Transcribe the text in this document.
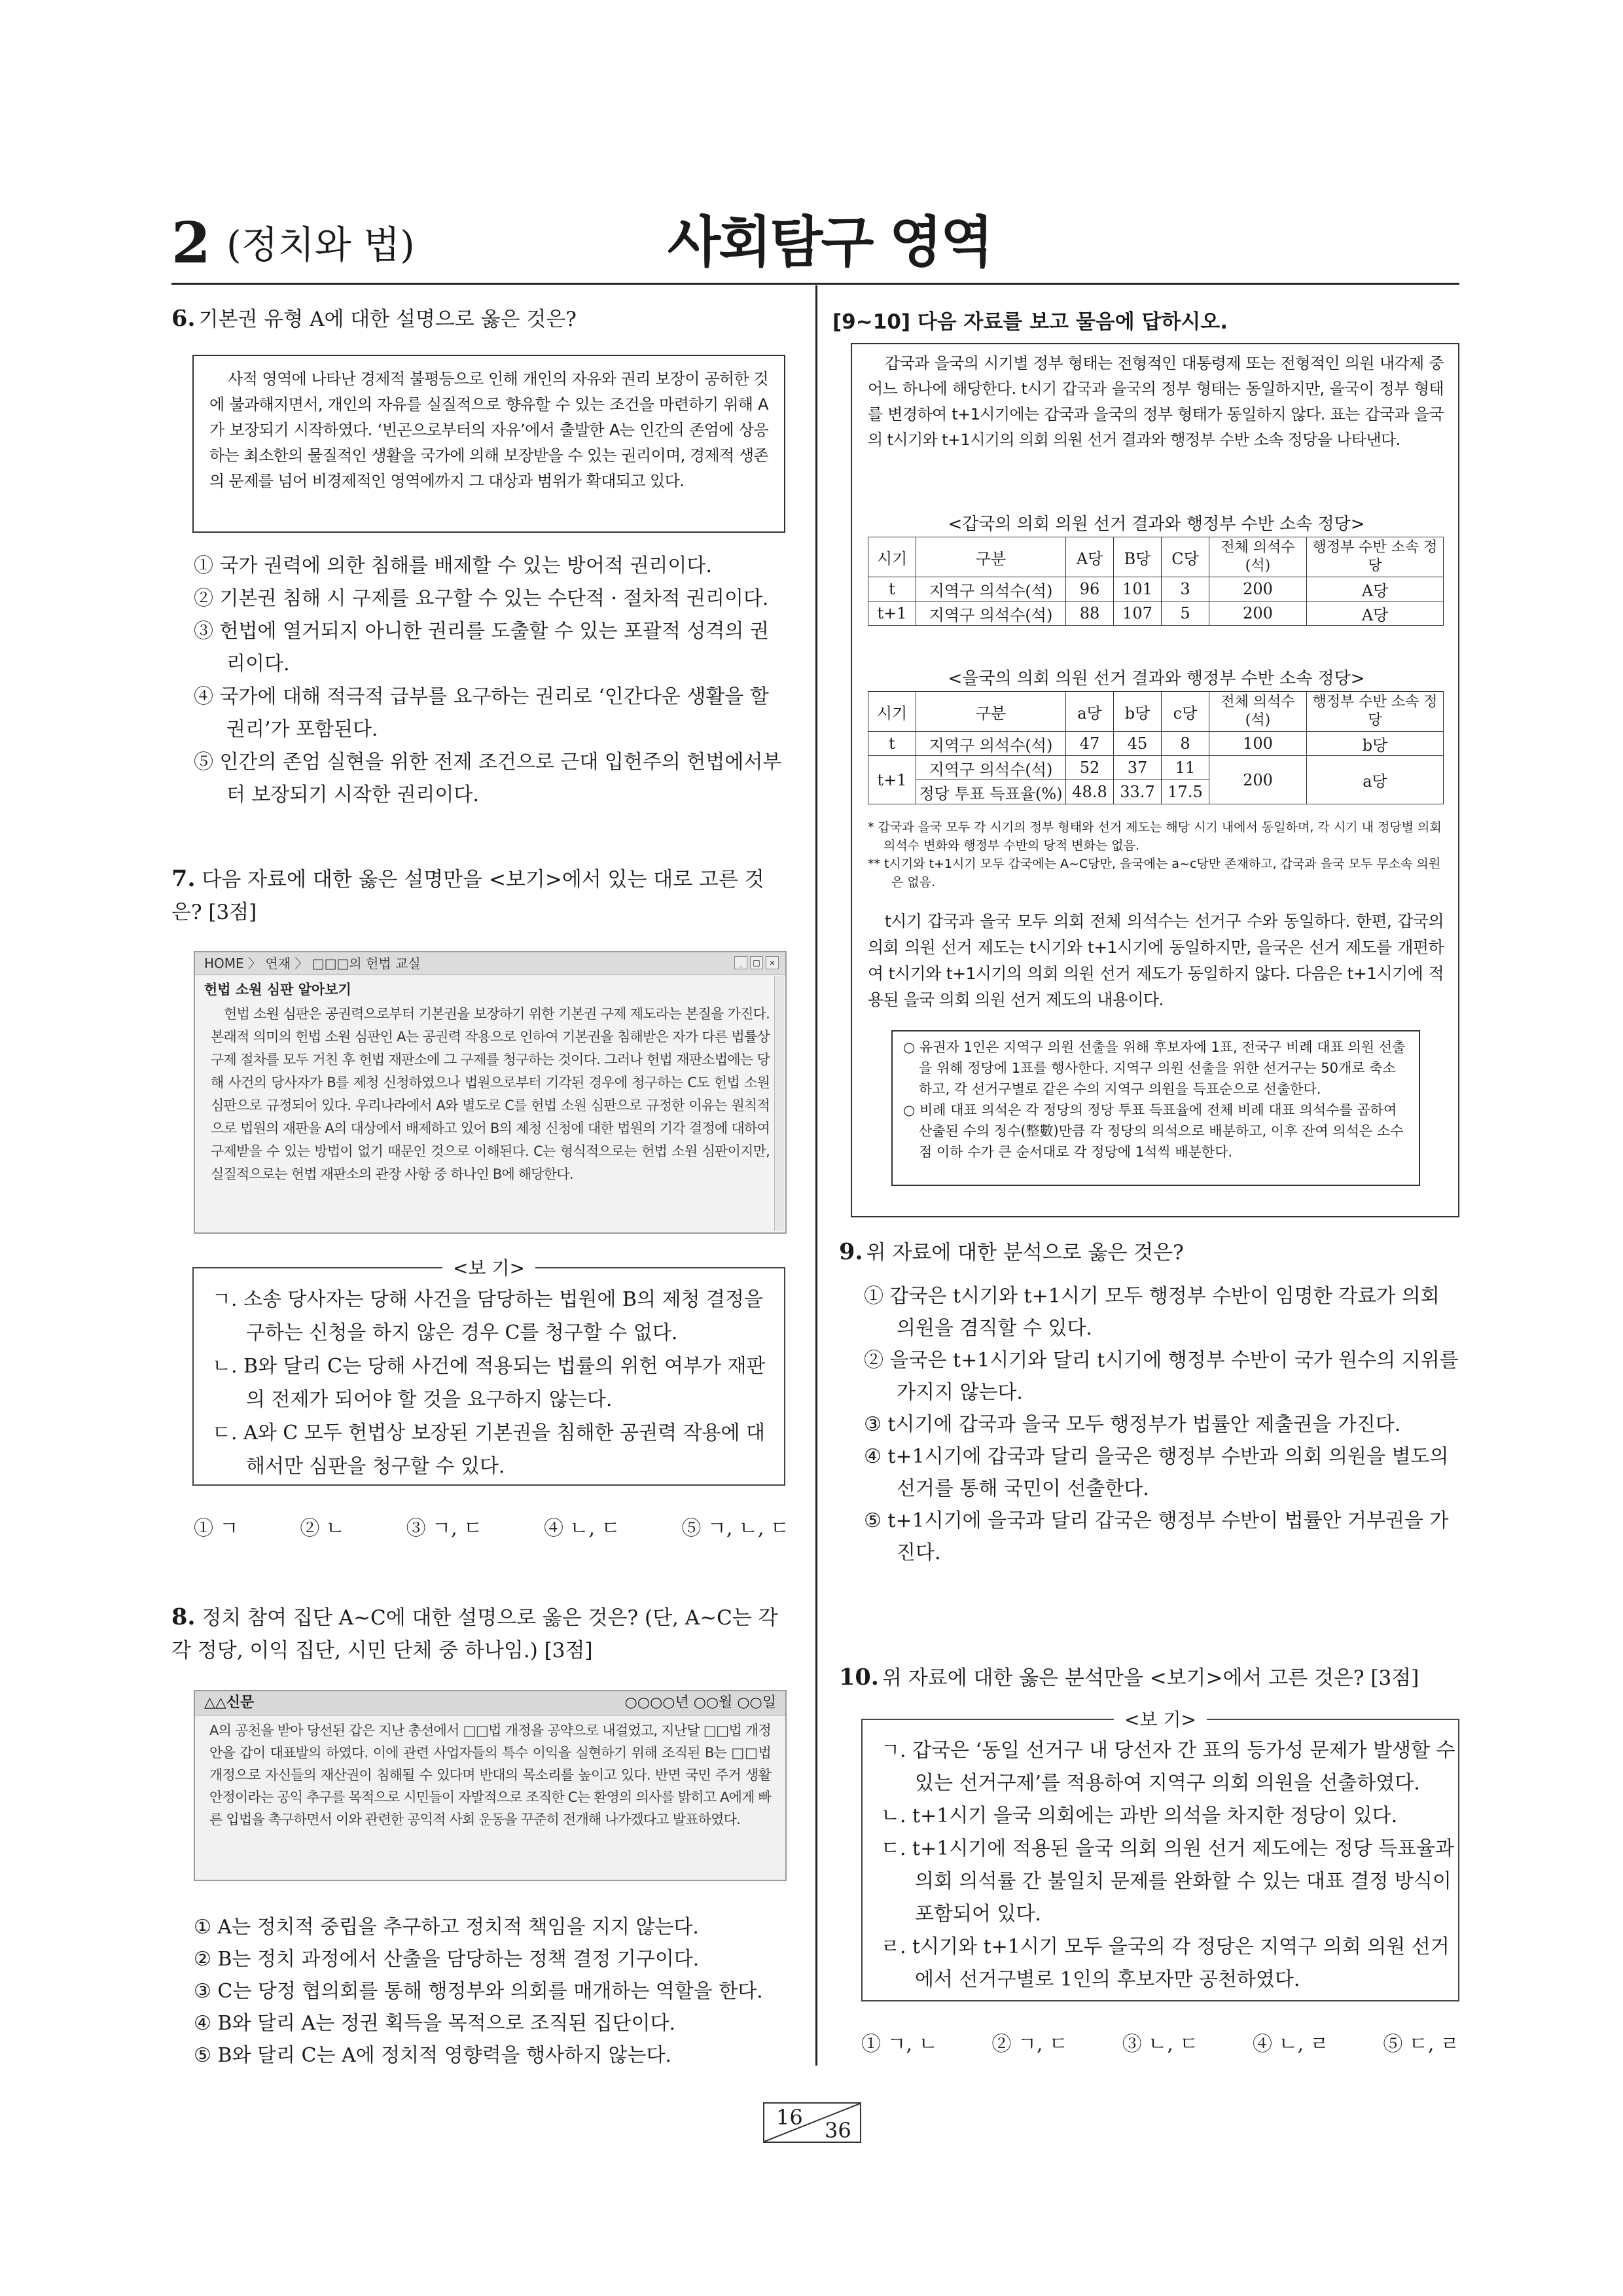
2 (정치와 법)	사회탐구 영역
6. 기본권 유형 A에 대한 설명으로 옳은 것은?
사적 영역에 나타난 경제적 불평등으로 인해 개인의 자유와 권리 보장이 공허한 것에 불과해지면서, 개인의 자유를 실질적으로 향유할 수 있는 조건을 마련하기 위해 A가 보장되기 시작하였다. ‘빈곤으로부터의 자유’에서 출발한 A는 인간의 존엄에 상응하는 최소한의 물질적인 생활을 국가에 의해 보장받을 수 있는 권리이며, 경제적 생존의 문제를 넘어 비경제적인 영역에까지 그 대상과 범위가 확대되고 있다.
① 국가 권력에 의한 침해를 배제할 수 있는 방어적 권리이다.
② 기본권 침해 시 구제를 요구할 수 있는 수단적 · 절차적 권리이다.
③ 헌법에 열거되지 아니한 권리를 도출할 수 있는 포괄적 성격의 권리이다.
④ 국가에 대해 적극적 급부를 요구하는 권리로 ‘인간다운 생활을 할 권리’가 포함된다.
⑤ 인간의 존엄 실현을 위한 전제 조건으로 근대 입헌주의 헌법에서부터 보장되기 시작한 권리이다.
7. 다음 자료에 대한 옳은 설명만을 <보기>에서 있는 대로 고른 것은? [3점]
HOME 〉 연재 〉 □□□의 헌법 교실	_	□	×
헌법 소원 심판 알아보기
헌법 소원 심판은 공권력으로부터 기본권을 보장하기 위한 기본권 구제 제도라는 본질을 가진다. 본래적 의미의 헌법 소원 심판인 A는 공권력 작용으로 인하여 기본권을 침해받은 자가 다른 법률상 구제 절차를 모두 거친 후 헌법 재판소에 그 구제를 청구하는 것이다. 그러나 헌법 재판소법에는 당해 사건의 당사자가 B를 제청 신청하였으나 법원으로부터 기각된 경우에 청구하는 C도 헌법 소원 심판으로 규정되어 있다. 우리나라에서 A와 별도로 C를 헌법 소원 심판으로 규정한 이유는 원칙적으로 법원의 재판을 A의 대상에서 배제하고 있어 B의 제청 신청에 대한 법원의 기각 결정에 대하여 구제받을 수 있는 방법이 없기 때문인 것으로 이해된다. C는 형식적으로는 헌법 소원 심판이지만, 실질적으로는 헌법 재판소의 관장 사항 중 하나인 B에 해당한다.
<보 기>
ㄱ. 소송 당사자는 당해 사건을 담당하는 법원에 B의 제청 결정을 구하는 신청을 하지 않은 경우 C를 청구할 수 없다.
ㄴ. B와 달리 C는 당해 사건에 적용되는 법률의 위헌 여부가 재판의 전제가 되어야 할 것을 요구하지 않는다.
ㄷ. A와 C 모두 헌법상 보장된 기본권을 침해한 공권력 작용에 대해서만 심판을 청구할 수 있다.
① ㄱ	② ㄴ	③ ㄱ, ㄷ	④ ㄴ, ㄷ	⑤ ㄱ, ㄴ, ㄷ
8. 정치 참여 집단 A~C에 대한 설명으로 옳은 것은? (단, A~C는 각각 정당, 이익 집단, 시민 단체 중 하나임.) [3점]
△△신문	○○○○년 ○○월 ○○일
A의 공천을 받아 당선된 갑은 지난 총선에서 □□법 개정을 공약으로 내걸었고, 지난달 □□법 개정안을 갑이 대표발의 하였다. 이에 관련 사업자들의 특수 이익을 실현하기 위해 조직된 B는 □□법 개정으로 자신들의 재산권이 침해될 수 있다며 반대의 목소리를 높이고 있다. 반면 국민 주거 생활 안정이라는 공익 추구를 목적으로 시민들이 자발적으로 조직한 C는 환영의 의사를 밝히고 A에게 빠른 입법을 촉구하면서 이와 관련한 공익적 사회 운동을 꾸준히 전개해 나가겠다고 발표하였다.
① A는 정치적 중립을 추구하고 정치적 책임을 지지 않는다.
② B는 정치 과정에서 산출을 담당하는 정책 결정 기구이다.
③ C는 당정 협의회를 통해 행정부와 의회를 매개하는 역할을 한다.
④ B와 달리 A는 정권 획득을 목적으로 조직된 집단이다.
⑤ B와 달리 C는 A에 정치적 영향력을 행사하지 않는다.
[9~10] 다음 자료를 보고 물음에 답하시오.
갑국과 을국의 시기별 정부 형태는 전형적인 대통령제 또는 전형적인 의원 내각제 중 어느 하나에 해당한다. t시기 갑국과 을국의 정부 형태는 동일하지만, 을국이 정부 형태를 변경하여 t+1시기에는 갑국과 을국의 정부 형태가 동일하지 않다. 표는 갑국과 을국의 t시기와 t+1시기의 의회 의원 선거 결과와 행정부 수반 소속 정당을 나타낸다.
<갑국의 의회 의원 선거 결과와 행정부 수반 소속 정당>
시기	구분	A당	B당	C당	전체 의석수(석)	행정부 수반 소속 정당
t	지역구 의석수(석)	96	101	3	200	A당
t+1	지역구 의석수(석)	88	107	5	200	A당
<을국의 의회 의원 선거 결과와 행정부 수반 소속 정당>
시기	구분	a당	b당	c당	전체 의석수(석)	행정부 수반 소속 정당
t	지역구 의석수(석)	47	45	8	100	b당
t+1	지역구 의석수(석)	52	37	11	200	a당
	정당 투표 득표율(%)	48.8	33.7	17.5		
* 갑국과 을국 모두 각 시기의 정부 형태와 선거 제도는 해당 시기 내에서 동일하며, 각 시기 내 정당별 의회 의석수 변화와 행정부 수반의 당적 변화는 없음.
** t시기와 t+1시기 모두 갑국에는 A~C당만, 을국에는 a~c당만 존재하고, 갑국과 을국 모두 무소속 의원은 없음.
t시기 갑국과 을국 모두 의회 전체 의석수는 선거구 수와 동일하다. 한편, 갑국의 의회 의원 선거 제도는 t시기와 t+1시기에 동일하지만, 을국은 선거 제도를 개편하여 t시기와 t+1시기의 의회 의원 선거 제도가 동일하지 않다. 다음은 t+1시기에 적용된 을국 의회 의원 선거 제도의 내용이다.
○ 유권자 1인은 지역구 의원 선출을 위해 후보자에 1표, 전국구 비례 대표 의원 선출을 위해 정당에 1표를 행사한다. 지역구 의원 선출을 위한 선거구는 50개로 축소하고, 각 선거구별로 같은 수의 지역구 의원을 득표순으로 선출한다.
○ 비례 대표 의석은 각 정당의 정당 투표 득표율에 전체 비례 대표 의석수를 곱하여 산출된 수의 정수(整數)만큼 각 정당의 의석으로 배분하고, 이후 잔여 의석은 소수점 이하 수가 큰 순서대로 각 정당에 1석씩 배분한다.
9. 위 자료에 대한 분석으로 옳은 것은?
① 갑국은 t시기와 t+1시기 모두 행정부 수반이 임명한 각료가 의회 의원을 겸직할 수 있다.
② 을국은 t+1시기와 달리 t시기에 행정부 수반이 국가 원수의 지위를 가지지 않는다.
③ t시기에 갑국과 을국 모두 행정부가 법률안 제출권을 가진다.
④ t+1시기에 갑국과 달리 을국은 행정부 수반과 의회 의원을 별도의 선거를 통해 국민이 선출한다.
⑤ t+1시기에 을국과 달리 갑국은 행정부 수반이 법률안 거부권을 가진다.
10. 위 자료에 대한 옳은 분석만을 <보기>에서 고른 것은? [3점]
<보 기>
ㄱ. 갑국은 ‘동일 선거구 내 당선자 간 표의 등가성 문제가 발생할 수 있는 선거구제’를 적용하여 지역구 의회 의원을 선출하였다.
ㄴ. t+1시기 을국 의회에는 과반 의석을 차지한 정당이 있다.
ㄷ. t+1시기에 적용된 을국 의회 의원 선거 제도에는 정당 득표율과 의회 의석률 간 불일치 문제를 완화할 수 있는 대표 결정 방식이 포함되어 있다.
ㄹ. t시기와 t+1시기 모두 을국의 각 정당은 지역구 의회 의원 선거에서 선거구별로 1인의 후보자만 공천하였다.
① ㄱ, ㄴ	② ㄱ, ㄷ	③ ㄴ, ㄷ	④ ㄴ, ㄹ	⑤ ㄷ, ㄹ
16
36
